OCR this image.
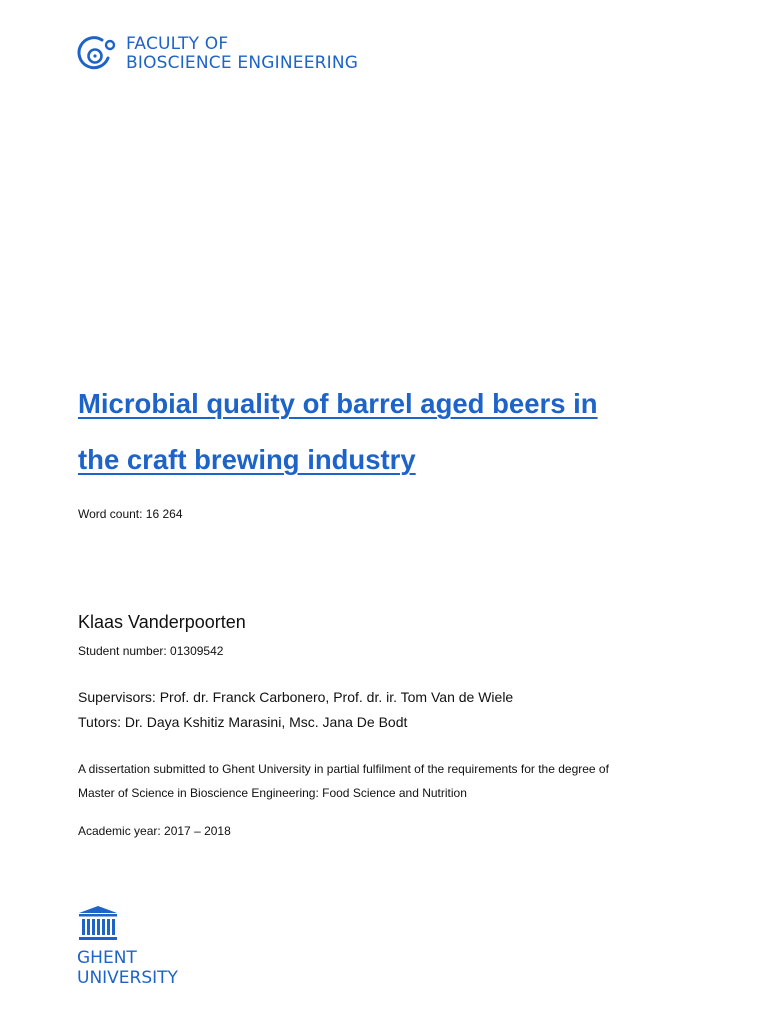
FACULTY OF
BIOSCIENCE ENGINEERING
Microbial quality of barrel aged beers in
the craft brewing industry
Word count: 16 264
Klaas Vanderpoorten
Student number: 01309542
Supervisors: Prof. dr. Franck Carbonero, Prof. dr. ir. Tom Van de Wiele
Tutors: Dr. Daya Kshitiz Marasini, Msc. Jana De Bodt
A dissertation submitted to Ghent University in partial fulfilment of the requirements for the degree of
Master of Science in Bioscience Engineering: Food Science and Nutrition
Academic year: 2017 – 2018
GHENT
UNIVERSITY
